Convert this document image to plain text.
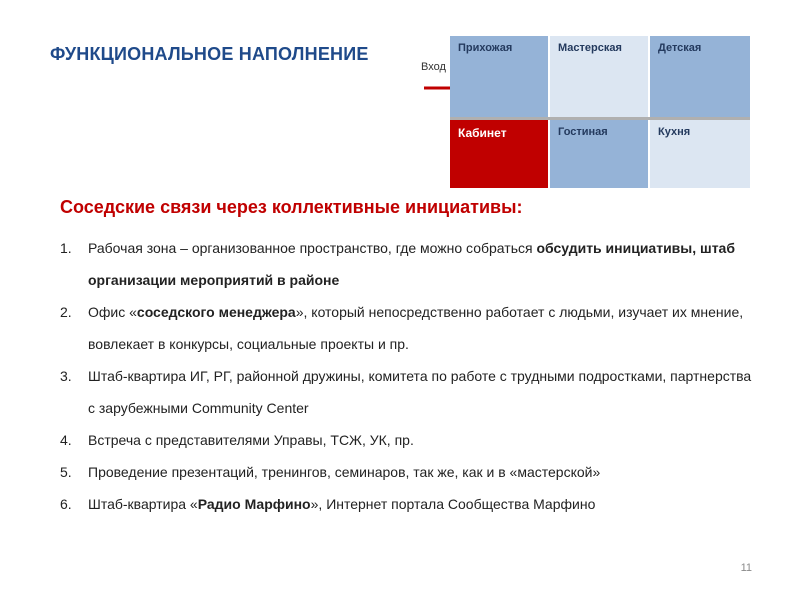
ФУНКЦИОНАЛЬНОЕ НАПОЛНЕНИЕ
Вход
Прихожая	Мастерская	Детская
Кабинет	Гостиная	Кухня
Соседские связи через коллективные инициативы:
1. Рабочая зона – организованное пространство, где можно собраться обсудить инициативы, штаб организации мероприятий в районе
2. Офис «соседского менеджера», который непосредственно работает с людьми, изучает их мнение, вовлекает в конкурсы, социальные проекты и пр.
3. Штаб-квартира ИГ, РГ, районной дружины, комитета по работе с трудными подростками, партнерства с зарубежными Community Center
4. Встреча с представителями Управы, ТСЖ, УК, пр.
5. Проведение презентаций, тренингов, семинаров, так же, как и в «мастерской»
6. Штаб-квартира «Радио Марфино», Интернет портала Сообщества Марфино
11
